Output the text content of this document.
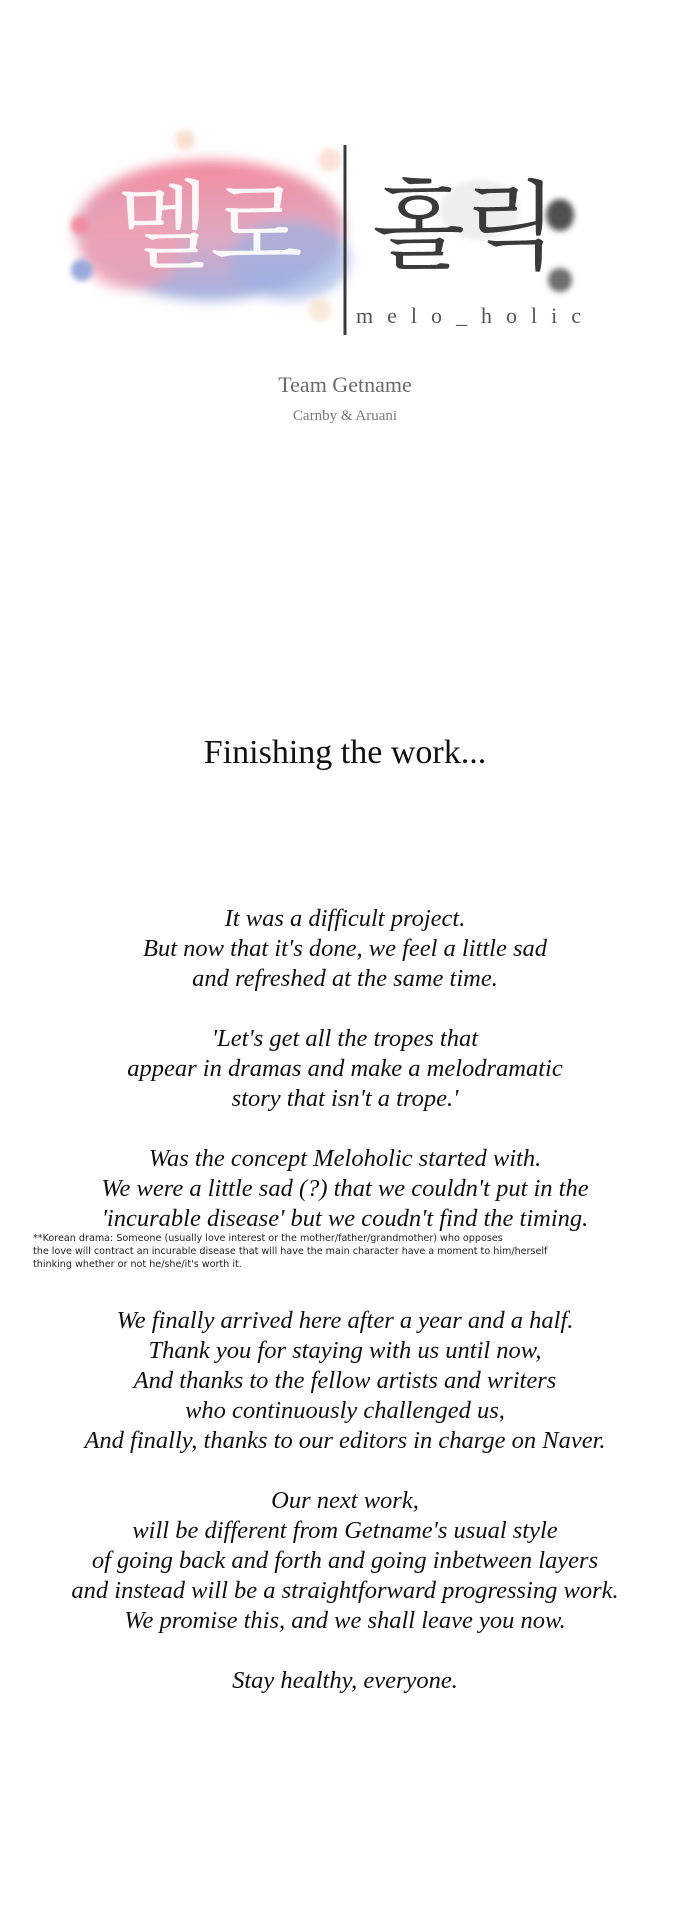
멜로 홀릭
melo_holic
Team Getname
Carnby & Aruani
Finishing the work...
It was a difficult project.
But now that it's done, we feel a little sad
and refreshed at the same time.
'Let's get all the tropes that
appear in dramas and make a melodramatic
story that isn't a trope.'
Was the concept Meloholic started with.
We were a little sad (?) that we couldn't put in the
'incurable disease' but we coudn't find the timing.
**Korean drama: Someone (usually love interest or the mother/father/grandmother) who opposes
the love will contract an incurable disease that will have the main character have a moment to him/herself
thinking whether or not he/she/it's worth it.
We finally arrived here after a year and a half.
Thank you for staying with us until now,
And thanks to the fellow artists and writers
who continuously challenged us,
And finally, thanks to our editors in charge on Naver.
Our next work,
will be different from Getname's usual style
of going back and forth and going inbetween layers
and instead will be a straightforward progressing work.
We promise this, and we shall leave you now.
Stay healthy, everyone.
